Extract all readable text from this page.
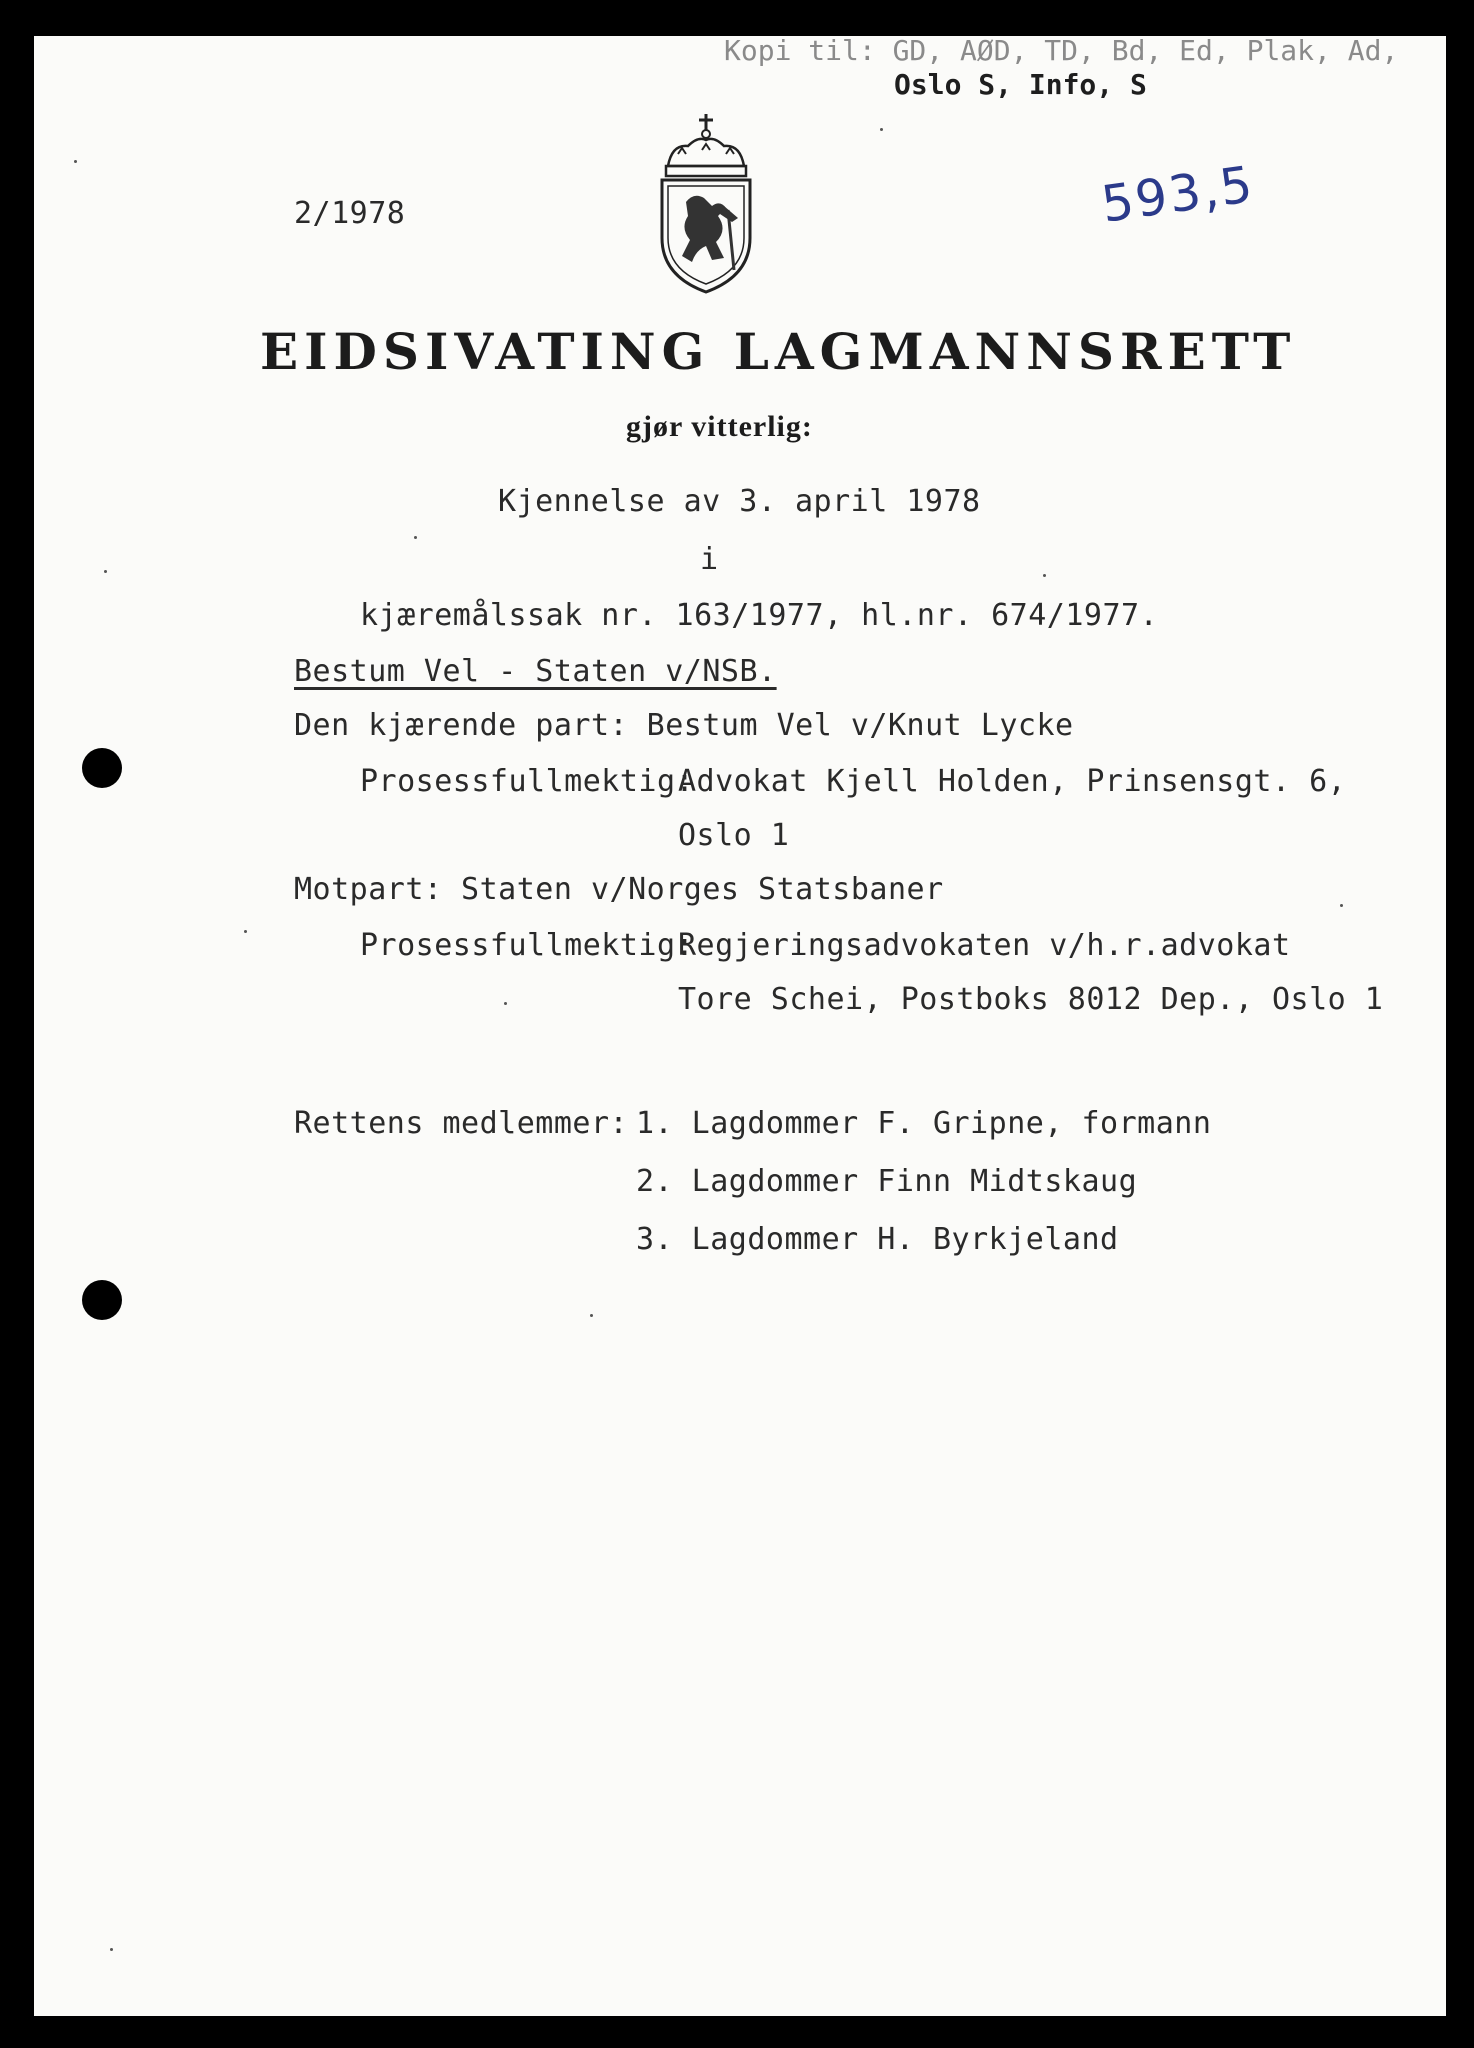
Kopi til: GD, AØD, TD, Bd, Ed, Plak, Ad,
Oslo S, Info, S
2/1978	593,5
EIDSIVATING LAGMANNSRETT
gjør vitterlig:
Kjennelse av 3. april 1978
i
kjæremålssak nr. 163/1977, hl.nr. 674/1977.
Bestum Vel - Staten v/NSB.
Den kjærende part: Bestum Vel v/Knut Lycke
Prosessfullmektig:
Advokat Kjell Holden, Prinsensgt. 6,
Oslo 1
Motpart: Staten v/Norges Statsbaner
Prosessfullmektig:
Regjeringsadvokaten v/h.r.advokat
Tore Schei, Postboks 8012 Dep., Oslo 1
Rettens medlemmer: 1. Lagdommer F. Gripne, formann
2. Lagdommer Finn Midtskaug
3. Lagdommer H. Byrkjeland
